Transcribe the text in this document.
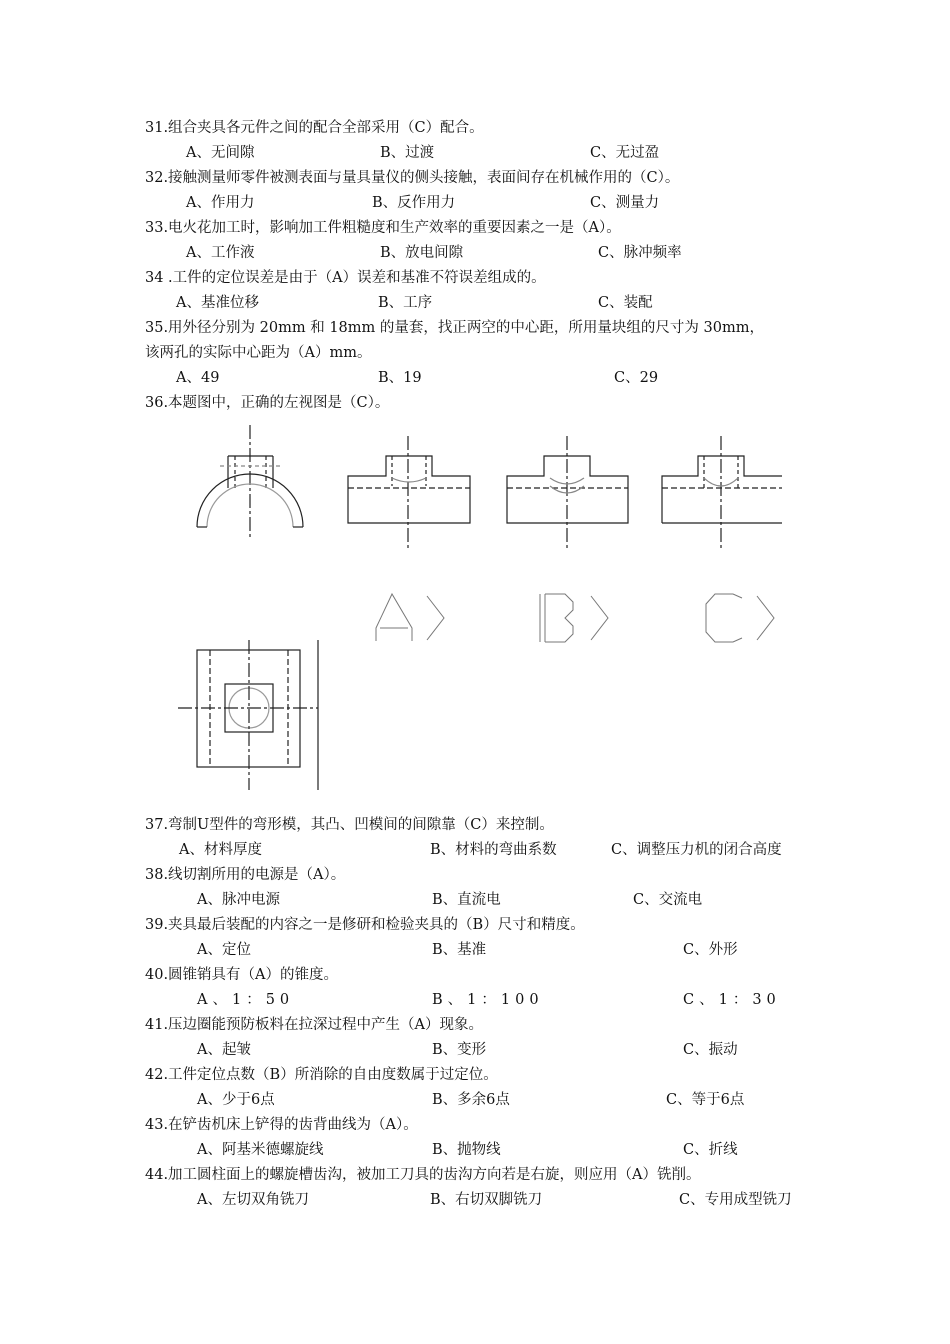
31.组合夹具各元件之间的配合全部采用（C）配合。
A、无间隙	B、过渡	C、无过盈
32.接触测量师零件被测表面与量具量仪的侧头接触，表面间存在机械作用的（C）。
A、作用力	B、反作用力	C、测量力
33.电火花加工时，影响加工件粗糙度和生产效率的重要因素之一是（A）。
A、工作液	B、放电间隙	C、脉冲频率
34 .工件的定位误差是由于（A）误差和基准不符误差组成的。
A、基准位移	B、工序	C、装配
35.用外径分别为 20mm 和 18mm 的量套，找正两空的中心距，所用量块组的尺寸为 30mm，
该两孔的实际中心距为（A）mm。
A、49	B、19	C、29
36.本题图中，正确的左视图是（C）。
37.弯制U型件的弯形模，其凸、凹模间的间隙靠（C）来控制。
A、材料厚度	B、材料的弯曲系数	C、调整压力机的闭合高度
38.线切割所用的电源是（A）。
A、脉冲电源	B、直流电	C、交流电
39.夹具最后装配的内容之一是修研和检验夹具的（B）尺寸和精度。
A、定位	B、基准	C、外形
40.圆锥销具有（A）的锥度。
A、1：50	B、1：100	C、1：30
41.压边圈能预防板料在拉深过程中产生（A）现象。
A、起皱	B、变形	C、振动
42.工件定位点数（B）所消除的自由度数属于过定位。
A、少于6点	B、多余6点	C、等于6点
43.在铲齿机床上铲得的齿背曲线为（A）。
A、阿基米德螺旋线	B、抛物线	C、折线
44.加工圆柱面上的螺旋槽齿沟，被加工刀具的齿沟方向若是右旋，则应用（A）铣削。
A、左切双角铣刀	B、右切双脚铣刀	C、专用成型铣刀
